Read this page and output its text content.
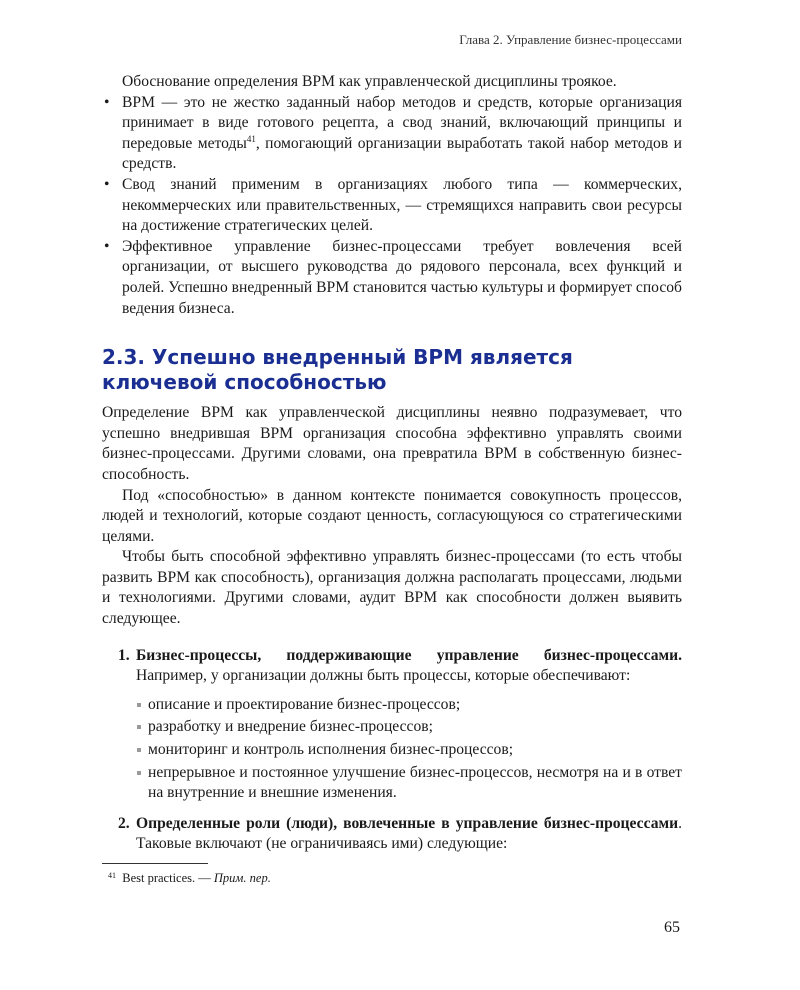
Глава 2. Управление бизнес-процессами

Обоснование определения BPM как управленческой дисциплины троякое.

• BPM — это не жестко заданный набор методов и средств, которые организация принимает в виде готового рецепта, а свод знаний, включающий принципы и передовые методы$^{41}$, помогающий организации выработать такой набор методов и средств.
• Свод знаний применим в организациях любого типа — коммерческих, некоммерческих или правительственных, — стремящихся направить свои ресурсы на достижение стратегических целей.
• Эффективное управление бизнес-процессами требует вовлечения всей организации, от высшего руководства до рядового персонала, всех функций и ролей. Успешно внедренный BPM становится частью культуры и формирует способ ведения бизнеса.
2.3. Успешно внедренный BPM является ключевой способностью

Определение BPM как управленческой дисциплины неявно подразумевает, что успешно внедрившая BPM организация способна эффективно управлять своими бизнес-процессами. Другими словами, она превратила BPM в собственную бизнес-способность.

Под «способностью» в данном контексте понимается совокупность процессов, людей и технологий, которые создают ценность, согласующуюся со стратегическими целями.

Чтобы быть способной эффективно управлять бизнес-процессами (то есть чтобы развить BPM как способность), организация должна располагать процессами, людьми и технологиями. Другими словами, аудит BPM как способности должен выявить следующее.

1. Бизнес-процессы, поддерживающие управление бизнес-процессами. Например, у организации должны быть процессы, которые обеспечивают:
описание и проектирование бизнес-процессов;
разработку и внедрение бизнес-процессов;
мониторинг и контроль исполнения бизнес-процессов;
непрерывное и постоянное улучшение бизнес-процессов, несмотря на и в ответ на внутренние и внешние изменения.
2. Определенные роли (люди), вовлеченные в управление бизнес-процессами. Таковые включают (не ограничиваясь ими) следующие:
$^{41}$ Best practices. — Прим. пер.
65
